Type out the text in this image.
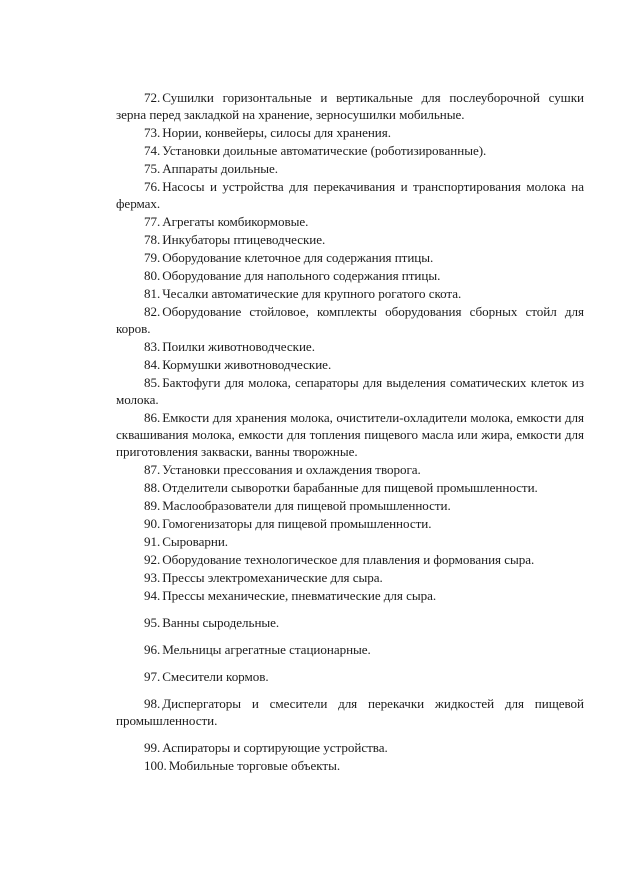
72. Сушилки горизонтальные и вертикальные для послеуборочной сушки зерна перед закладкой на хранение, зерносушилки мобильные.

73. Нории, конвейеры, силосы для хранения.

74. Установки доильные автоматические (роботизированные).

75. Аппараты доильные.

76. Насосы и устройства для перекачивания и транспортирования молока на фермах.

77. Агрегаты комбикормовые.

78. Инкубаторы птицеводческие.

79. Оборудование клеточное для содержания птицы.

80. Оборудование для напольного содержания птицы.

81. Чесалки автоматические для крупного рогатого скота.

82. Оборудование стойловое, комплекты оборудования сборных стойл для коров.

83. Поилки животноводческие.

84. Кормушки животноводческие.

85. Бактофуги для молока, сепараторы для выделения соматических клеток из молока.

86. Емкости для хранения молока, очистители-охладители молока, емкости для сквашивания молока, емкости для топления пищевого масла или жира, емкости для приготовления закваски, ванны творожные.

87. Установки прессования и охлаждения творога.

88. Отделители сыворотки барабанные для пищевой промышленности.

89. Маслообразователи для пищевой промышленности.

90. Гомогенизаторы для пищевой промышленности.

91. Сыроварни.

92. Оборудование технологическое для плавления и формования сыра.

93. Прессы электромеханические для сыра.

94. Прессы механические, пневматические для сыра.

95. Ванны сыродельные.

96. Мельницы агрегатные стационарные.

97. Смесители кормов.

98. Диспергаторы и смесители для перекачки жидкостей для пищевой промышленности.

99. Аспираторы и сортирующие устройства.

100. Мобильные торговые объекты.
